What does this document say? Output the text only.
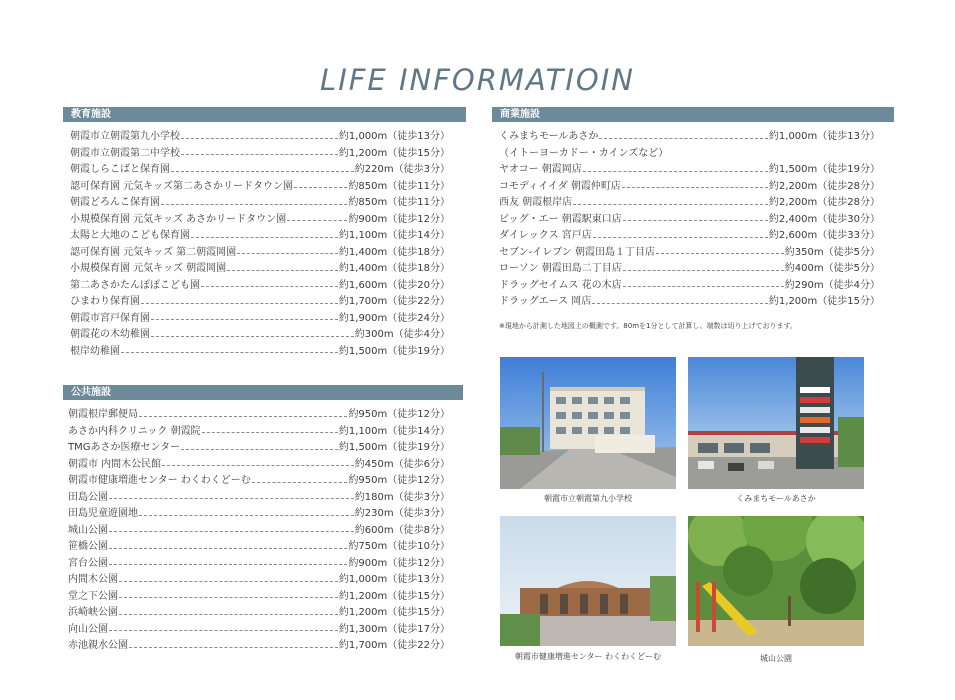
LIFE INFORMATIOIN
教育施設
朝霞市立朝霞第九小学校	約1,000m（徒歩13分）
朝霞市立朝霞第二中学校	約1,200m（徒歩15分）
朝霞しらこばと保育園	約220m（徒歩3分）
認可保育園 元気キッズ第二あさかリードタウン園	約850m（徒歩11分）
朝霞どろんこ保育園	約850m（徒歩11分）
小規模保育園 元気キッズ あさかリードタウン園	約900m（徒歩12分）
太陽と大地のこども保育園	約1,100m（徒歩14分）
認可保育園 元気キッズ 第二朝霞岡園	約1,400m（徒歩18分）
小規模保育園 元気キッズ 朝霞岡園	約1,400m（徒歩18分）
第二あさかたんぽぽこども園	約1,600m（徒歩20分）
ひまわり保育園	約1,700m（徒歩22分）
朝霞市宮戸保育園	約1,900m（徒歩24分）
朝霞花の木幼稚園	約300m（徒歩4分）
根岸幼稚園	約1,500m（徒歩19分）
公共施設
朝霞根岸郵便局	約950m（徒歩12分）
あさか内科クリニック 朝霞院	約1,100m（徒歩14分）
TMGあさか医療センター	約1,500m（徒歩19分）
朝霞市 内間木公民館	約450m（徒歩6分）
朝霞市健康増進センター わくわくどーむ	約950m（徒歩12分）
田島公園	約180m（徒歩3分）
田島児童遊園地	約230m（徒歩3分）
城山公園	約600m（徒歩8分）
笹橋公園	約750m（徒歩10分）
宮台公園	約900m（徒歩12分）
内間木公園	約1,000m（徒歩13分）
堂之下公園	約1,200m（徒歩15分）
浜崎峡公園	約1,200m（徒歩15分）
向山公園	約1,300m（徒歩17分）
赤池親水公園	約1,700m（徒歩22分）
商業施設
くみまちモールあさか	約1,000m（徒歩13分）
（イトーヨーカドー・カインズなど）
ヤオコー 朝霞岡店	約1,500m（徒歩19分）
コモディイイダ 朝霞仲町店	約2,200m（徒歩28分）
西友 朝霞根岸店	約2,200m（徒歩28分）
ビッグ・エー 朝霞駅東口店	約2,400m（徒歩30分）
ダイレックス 宮戸店	約2,600m（徒歩33分）
セブン-イレブン 朝霞田島１丁目店	約350m（徒歩5分）
ローソン 朝霞田島二丁目店	約400m（徒歩5分）
ドラッグセイムス 花の木店	約290m（徒歩4分）
ドラッグエース 岡店	約1,200m（徒歩15分）
※現地から計測した地図上の概測です。80mを1分として計算し、端数は切り上げております。
朝霞市立朝霞第九小学校	くみまちモールあさか
朝霞市健康増進センター わくわくどーむ	城山公園
